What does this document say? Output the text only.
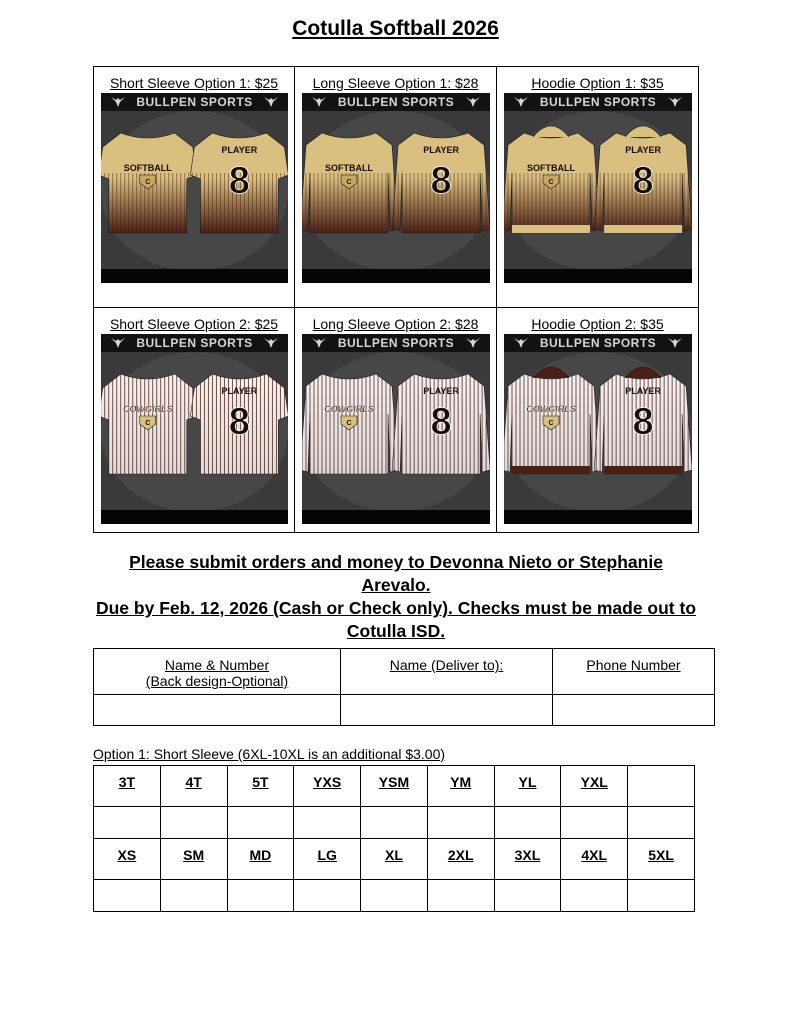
Cotulla Softball 2026
Short Sleeve Option 1: $25
BULLPEN SPORTS
SOFTBALL
C
PLAYER
8
Long Sleeve Option 1: $28
BULLPEN SPORTS
SOFTBALL
C
PLAYER
8
Hoodie Option 1: $35
BULLPEN SPORTS
SOFTBALL
C
PLAYER
8
Short Sleeve Option 2: $25
BULLPEN SPORTS
COWGIRLS
C
PLAYER
8
Long Sleeve Option 2: $28
BULLPEN SPORTS
COWGIRLS
C
PLAYER
8
Hoodie Option 2: $35
BULLPEN SPORTS
COWGIRLS
C
PLAYER
8

Please submit orders and money to Devonna Nieto or Stephanie Arevalo.

Due by Feb. 12, 2026 (Cash or Check only). Checks must be made out to Cotulla ISD.

Name & Number
(Back design-Optional)	Name (Deliver to):	Phone Number

Option 1: Short Sleeve (6XL-10XL is an additional $3.00)
3T	4T	5T	YXS	YSM	YM	YL	YXL	

XS	SM	MD	LG	XL	2XL	3XL	4XL	5XL
